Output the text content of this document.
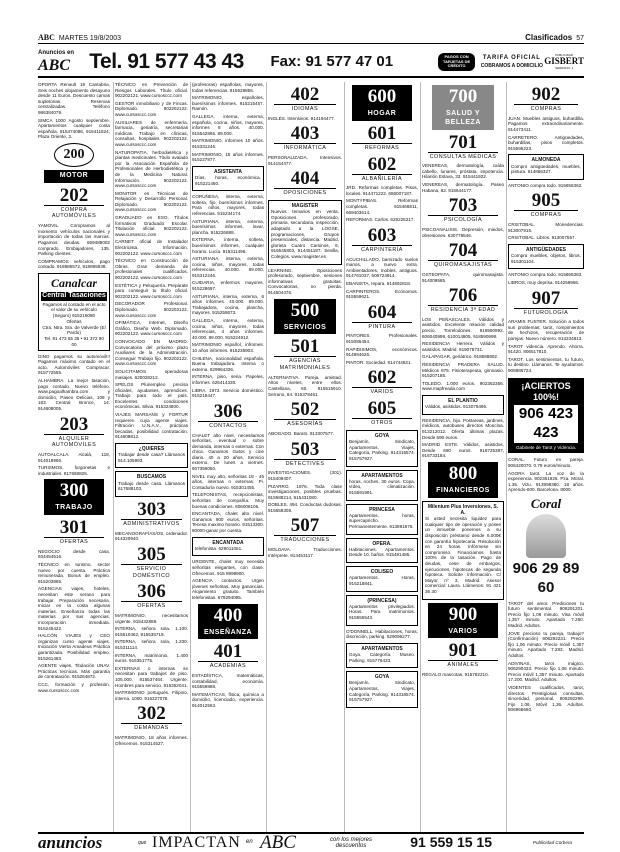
ABC MARTES 19/8/2003	Clasificados 57
Anuncios en
ABC Tel. 91 577 43 43	Fax: 91 577 47 01	PAGOS CON TARJETAS DE CRÉDITO
TARIFA OFICIAL
COBRAMOS A DOMICILIO
PUBLICIDAD
GISBERT
SERRANO, 1
OPORTA Renault 19 Cantabria, Seis noches alojamiento desayuno desde 11 Euros. Descuento camas supletorias. Reservas centralizadas. Teléfono 986384079.
SIMCA 1000 Agosto septiembre. Apartamentos cualquier costa española. 915474086, 915411824, Plaza Oriente, 3.
200
MOTOR
202
COMPRA AUTOMÓVILES
YAMOVIL. Compramos al momento vehículos nacionales y importación de todas las marcas. Pagamos deudas. 659488002 comprado. Embajadores, 135. Parking clientes.
COMPRAMOS vehículos, pago contado. 918886572, 918895838.
Canalcar
Central Tasaciones
Pagamos al contado en el acto el valor de su vehículo
(Seguro) 915216080
Ofertas
Ctra. Ntra. Sra. de Valverde (El Pardo)
Tel. 91 473 55 35 • 91 372 90 00
DINO pagamos su automóvil!!! Pagamos máximo contado en el acto. Automóviles Compracar. 915772555.
ALHAMBRA. La mejor tasación, pago contado. Nuevo teléfono. www.pagoalhambra.com y domicilio, Paseo Delicias, 108 y 183. Central Bronce, 14. 914608005.
203
ALQUILER AUTOMÓVILES
AUTOALCALA. Alcalá, 118, 914018966.
TURISMOS, furgonetas e industriales. 917668825.
300
TRABAJO
301
OFERTAS
NEGOCIO desde casa. 934454516.
TÉCNICO en turismo, sector nuevo por cuenta. Práctica remunerada. Bonus de empleo. 915203865.
AGENCIAS viajes, hoteles, necesitan este verano para trabajar. Preparación necesaria. Iniciar en la costa algunas materias. Enseñanza todas las materias por sus agencias. Incorporación inmediata. 915245422.
HALCÓN VIAJES y CEO organizan curso agente viajes. Iniciación Vierta Amadeus Práctica garantizada. Posibilidad empleo. 915261483.
AGENTE viajes. Titulación UNAV. Prácticas tecnicas. Más garantía de contratación. 915264872.
CCC, formación y profesión. www.cursosccc.com
TÉCNICO en Prevención de Riesgos Laborales. Título oficial. 902202121. www.cursosccc.com
GESTOR inmobiliario y de Fincas. Diplomado. 902202122. www.cursosccc.com
AUXILIARES de enfermería, farmacia, geriatría, secretarias médicas. Trabajo en clínicas, consultas, hospitales. 902202122. www.cursosccc.com
NATUROPATIA, herbodietética y plantas medicinales. Título avalado por la Asociación Española de Profesionales de Herbodietética y de la Medicina Natural. Información. 902202122. www.cursosccc.com
MONITOR en Técnicas de Relajación y Desarrollo Personal. Diplomado. 902202122. www.cursosccc.com
GRADUADO en ESO. Títulos formativos Graduado Escolar. Titulación oficial. 902202122. www.cursosccc.com
CARNET oficial de Instalador Electricista. Información. 902202122. www.cursosccc.com
TÉCNICO en Construcción de Obras. Gran demanda de profesionales cualificados. 902202122. www.cursosccc.com
ESTÉTICA y Peluquería. Prepárate para conseguir tu título oficial. 902202122. www.cursosccc.com
DECORADOR Profesional. Diplomado. 902202122. www.cursosccc.com
OFIMÁTICA, Internet, Diseño Gráfico, Diseño Web. Diplomado. 902202122. www.cursosccc.com
CONVOCADO EN MADRID. Convocatoria del próximo plazo Auxiliares de la Administración. Conseguir Trabajo fijo. 902202122. www.cursosccc.com
SOLICITAMOS operadoras masajes. 620028212.
SPELOS Pluriempleo precisa oficiales, ayudantes, aprendices. Trabajo para todo el país. Excelentes condiciones económicas. Silvia. 915324800.
VIAJES MARSANS y FORTUR requieren cuya agente viajes. Filtración U.N.A.V., prácticas becadas, posibilidad contratación. 914608812.
¿QUIERES
Trabajar desde casa? Llámanos 914.105993.
BUSCAMOS
Trabajo desde casa. Llámanos 617688103.
303
ADMINISTRATIVOS
MECANOGRAFÍAS/OS, ordenador. 914320940.
305
SERVICIO DOMÉSTICO
306
OFERTAS
MATRIMONIO, necesitamos urgente. 915432888.
INTERNA, señora sola. 1.100. 915510462, 915535719.
INTERNA, señora sola, 1.200. 915311114.
INTERNA, matrimonio, 1.400 euros. 915351775.
EXTERNAS o internas se necesitan para trabajos de piso. 105.000. 915537464. Urgente. Hombres para servicio. 915352041.
MATRIMONIO portugués. Filipino, interna. 1000. 915327078.
302
DEMANDAS
MATRIMONIO, 18 años informes. Ofrecemos. 915314527.
(profesoras) españolas, mayores, todas referencias. 915529856.
MATRIMONIO, españoles, buenísimos informes. 915215457. Ramón.
GALLEGA, interna, externa, española, cocina, niños, mayores, informes 8 años. 40.000. 915542865. 89.000.
MATRIMONIO, informes 10 años. 915331246.
MATRIMONIO, 15 años informes. 915227877.
ASISTENTA
Días, horas, económica. 915221450.
CORUÑESA, interna, externa, soltera, fijo, buenísimos informes. Para niños, mayores, todas referencias. 915234174.
ASTURIANA, interna, externa, buenísimos informes, lavar, plancha. 915226888.
EXTERNA, interna, soltera, buenísimos informes, cualquier horario. Lucía. 915311496.
ASTURIANA, interna, externa, cocina, niños, mayores, todas referencias. 40.000. 89.000. 915312246.
CUIDARIA, enfermos mayores. 915228697.
ASTURIANA, interna, externa, 6 años informes. 40.000. 89.000. Trabajadora, cocina, plancha, mayores. 915258673.
GALLEGA, interna, externa, cocina, niños, mayores, todas referencias, 4 años informes. 40.000. 89.000. 915224912.
MATRIMONIO español, infromes. 10 años informes. 915235903.
CHILENA, nacionalidad española. Buena trabajadora. Interna o externa. 629964336.
INTERNA, piso, seria. Papeles, informes. 625414330.
LIBRA. 1973. Servicio doméstico. 915219447.
306
CONTACTOS
CHALET alto nivel, necesitamos señoritas, eventual o sobre demanda, internas o externas. Con chica. Ganamos Gatos y cine diario. 40 a 20 años. Servicio externo. De lunes a viernes. 607356050.
NIVEL muy alto, señoritas 18 - 45 años, internas o externas. Pi. Contaduría nuevo. 915301455.
TELEFONISTAS, recepcionistas, señoritas de compañía. Muy buenas condiciones. 606006106.
ENCANTADA, chalet alto nivel. Ganamos 900 euros, señoritas. Tecesa maximo horario. 91513300. 80000-ganar por cuenta.
ENCANTADA
telefonista. 629011051.
URGENTE, chalet muy necesita señoritas elegantes, con clase. Ofrecemos. 915 8999900.
AGENCIA contactos. Urgen jóvenes señoritas. Muy ganancias. Alojamiento gratuito. También telefonistas. 679294095.
400
ENSEÑANZA
401
ACADEMIAS
ESTADÍSTICA, matemáticas, contabilidad, economía. 915559888.
MATEMÁTICAS, física, química a domicilio, licenciado, experiencia. 914012563.
402
IDIOMAS
INGLÉS. Intensivos. 914194477.
403
INFORMÁTICA
PERSONALIZADA. Intensivos. 914154477.
404
OPOSICIONES
MAGISTER
Nuevos temarios en venta. Oposiciones profesorado, primaria, secundaria, inspección, adaptado a la LOGSE, programaciones, Grupos presenciales, distancia. Madrid, glorieta Cuatro Caminos, 6, 915545803, 914451187. Sevilla, Colegios. www.magister.es
LEARNING. Oposiciones profesorado, septiembre, sesiones informativas gratuitas. Convocatorias, no pierda. 914604476.
500
SERVICIOS
501
AGENCIAS MATRIMONIALES
ALTERNATIVA. Pareja, amistad. Altos niveles, entre ellos. Castellana, 60. 915515910. Serrano, 84. 915378461.
502
ASESORÍAS
ABOGADO. Barato. 913307577.
503
DETECTIVES
INVESTIGACIONES. (301). 915409407.
PIZARRO. 1976. Toda clase investigaciones, posibles pruebas. 915588214, 915431080.
DOBLES. 494. Conductas dudosas. 915658308.
507
TRADUCCIONES
MOLDAVA. Traducciones. Intérprete. 914453117.
600
HOGAR
601
REFORMAS
602
ALBAÑILERÍA
JRD. Reformas completas. Pisos, locales. 914471222. 686007187.
MONTYPIBAS. Reformas completas. 915466811, 669403614.
REFORMAS. Carlos. 629225217.
603
CARPINTERÍA
ACUCHILLADO, barnizado suelos manos, a nuevo extra. Ambientadores, mobles, antiguos. 914761037, 606724914.
EBANISTA, repara. 914892818.
CARPINTEROS. Ecónomos. 915559621.
604
PINTURA
PINTORES. Profesionales. 915086454.
RAPIDISIMOS, económicos. 914894626.
PINTOR. Sociedad. 914744821.
602
VARIOS
605
OTROS
GOYA
Benjamín, Sindicato, Apartamentos, Viajes, Categoría, Parking. 914316574. 915757927.
APARTAMENTOS
horas, noches, 30 euros. Copa, vídeo, climatización. 915591991.
PRINCESA
Apartamentos, horas, supercapricho. Permanentemente. 913891876.
OPERA.
Habitaciones. Apartamentos. Desde 10, baños. 915481485.
COLISEO
Apartamentos. Horas, 915218841.
(PRINCESA)
Apartamentos privilegiados. Horas. Para matrimonios. 915555543.
O'DONNELL. Habitaciones, horas, discreción, parking. 629096277.
APARTAMENTOS
Goya. Categoría. Museo. Parking. 915776433.
GOYA
Benjamín, Sindicato, Apartamentos, Viajes, Categoría, Parking. 914316574. 915757927.
700
SALUD Y BELLEZA
701
CONSULTAS MÉDICAS
VENEREAS, dermatología, caída cabello, lunares, próstata, impotencia. Hilarión Eslava, 33. 915441922.
VENEREAS, dermatología. Paseo Habana, 82. 915644177.
703
PSICOLOGÍA
PSICOANALISIS. Depresión, miedos, obsesiones. 630778546.
704
QUIROMASAJISTAS
OSTEOPATA, quiromasajista. 914009585.
706
RESIDENCIA 3ª EDAD
LOS PEÑASCALES. Válidos y asistidos. Excelente relación calidad precio. Torrelodones. 918590992. 606040999, 610014805, 918590998.
RESIDENCIA Herrera. Válidos y asistidos. Madrid. 919078731.
GALAPAGAR, geriátrico. 918588802.
RESIDENCIA PRADERA SALUD. Médicos 875. Fisioterapeuta, gimnasio. 915207185.
TOLEDO. 1.000 euros. 902362356. www.mapfreada.com
EL PLANTIO
Válidos, asistidos. 913076496.
RESIDENCIA, hijo. Postareas, jardines, médicos, autobuses directos Moncloa. 913212012. Oferta últimas plazas. Desde 690 euros.
MADRID ESTE. Válidos, asistidos. Desde 690 euros. 918725387, 916733184.
800
FINANCIEROS
Milenium Plus Inversiones, S. A.
Si usted necesita liquidez para cualquier tipo de operación y posee un inmueble ponemos a su disposición préstamo desde 6.000€ con garantía hipotecaria. Resolución en 24 horas. Infórmese sin compromiso. Financiamos hasta 100% de la tasación. Pago de deudas, cese de embargos, ejecuciones, hipotecas de segunda hipoteca. Solicite información. C/ Mayor nº 3, Madrid. Asesor comercial: Laura. Llámenos: 91 421 36 30
900
VARIOS
901
ANIMALES
REGALO mascotas. 915782210.
902
COMPRAS
JUAN. Muebles antiguos, buhardilla. Pagamos extraordinariamente. 914473411.
CARRETERO. Antigüedades, buhardillas, pisos completos. 915596223.
ALMONEDA
Compro antigüedades, muebles, pintura. 914886327.
ANTONIO compra todo. 915656362.
905
COMPRAS
CRISTOBAL. Monedencias. 913007915.
CRISTOBAL. Libros. 913007557.
ANTIGÜEDADES
Compra muebles, objetos, libros. 915301104.
ANTONIO compra todo. 915665363.
LIBROS, muy deprisa. 914259956.
907
FUTUROLOGÍA
ARAMIS FUSTER. Solución a todos sus problemas; tarot, rompimientos de hechizos, recuperación de parejas. Nuevo número. 913234813.
TAROT videncia. Aprendo. Ahorra. 91420. 806517810.
TAROT. Los sentimientos, tu futuro, tu destino. Llámanos. Te ayudamos. 906886724.
¡ACIERTOS 100%!
906 423 423
Gabinete de Tarot y Videncia.
CORAL. Futuro en pareja. 906420070. 0.79 euros/minuto.
AGORA tarot. La voz de la experiencia. 902361926. Pza. Moral. 1.35. Vizu. 913998380. 18 años. Aprendo-600. Barcelona. 8000.
Coral
906 29 89 60
TAROT del amor. Prediciones tu futuro sentimental. 906291201. Precio fijo 1,06 minuto. Visa móvil 1,357 minuto. Apartado 7.260. Madrid. Adultos.
JOVE precioso tu pareja, trabajo? (Confirmación) 906292231. Precio fijo 1,06 minuto. Precio móvil 1,357 minuto. Apartado 7.283. Madrid. Adultos.
ADIVINAS, tarot mágico. 906290433. Precio fijo 1,06 minuto. Precio móvil 1,357 minuto. Apartado 17.200. Madrid. Adultos.
VIDENTES cualificados, tarot, directos. Prestigiosas consultas, sinceridad, personal. 906292299. Fijo 1,06. Móvil 1,36. Adultos. 806966660.
anuncios	que IMPACTAN en ABC	con los mejores descuentos	91 559 15 15	Publicidad Corbera
